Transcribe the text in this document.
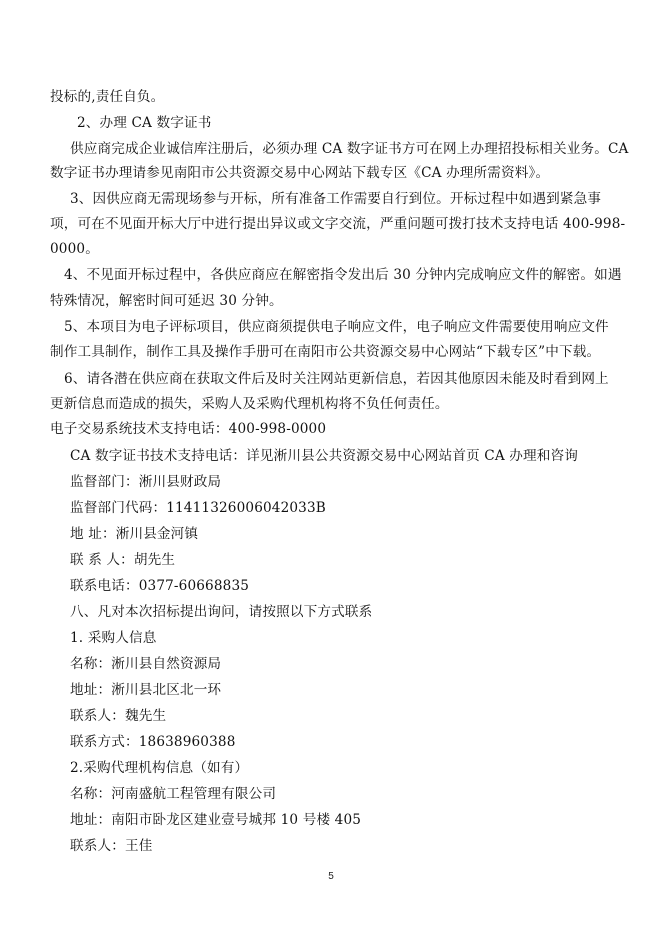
投标的,责任自负。
2、办理 CA 数字证书
供应商完成企业诚信库注册后，必须办理 CA 数字证书方可在网上办理招投标相关业务。CA
数字证书办理请参见南阳市公共资源交易中心网站下载专区《CA 办理所需资料》。
3、因供应商无需现场参与开标，所有准备工作需要自行到位。开标过程中如遇到紧急事
项，可在不见面开标大厅中进行提出异议或文字交流，严重问题可拨打技术支持电话 400-998-
0000。
4、不见面开标过程中，各供应商应在解密指令发出后 30 分钟内完成响应文件的解密。如遇
特殊情况，解密时间可延迟 30 分钟。
5、本项目为电子评标项目，供应商须提供电子响应文件，电子响应文件需要使用响应文件
制作工具制作，制作工具及操作手册可在南阳市公共资源交易中心网站“下载专区”中下载。
6、请各潜在供应商在获取文件后及时关注网站更新信息，若因其他原因未能及时看到网上
更新信息而造成的损失，采购人及采购代理机构将不负任何责任。
电子交易系统技术支持电话：400-998-0000
CA 数字证书技术支持电话：详见淅川县公共资源交易中心网站首页 CA 办理和咨询
监督部门：淅川县财政局
监督部门代码：11411326006042033B
地 址：淅川县金河镇
联 系 人：胡先生
联系电话：0377-60668835
八、凡对本次招标提出询问，请按照以下方式联系
1. 采购人信息
名称：淅川县自然资源局
地址：淅川县北区北一环
联系人：魏先生
联系方式：18638960388
2.采购代理机构信息（如有）
名称：河南盛航工程管理有限公司
地址：南阳市卧龙区建业壹号城邦 10 号楼 405
联系人：王佳
5
